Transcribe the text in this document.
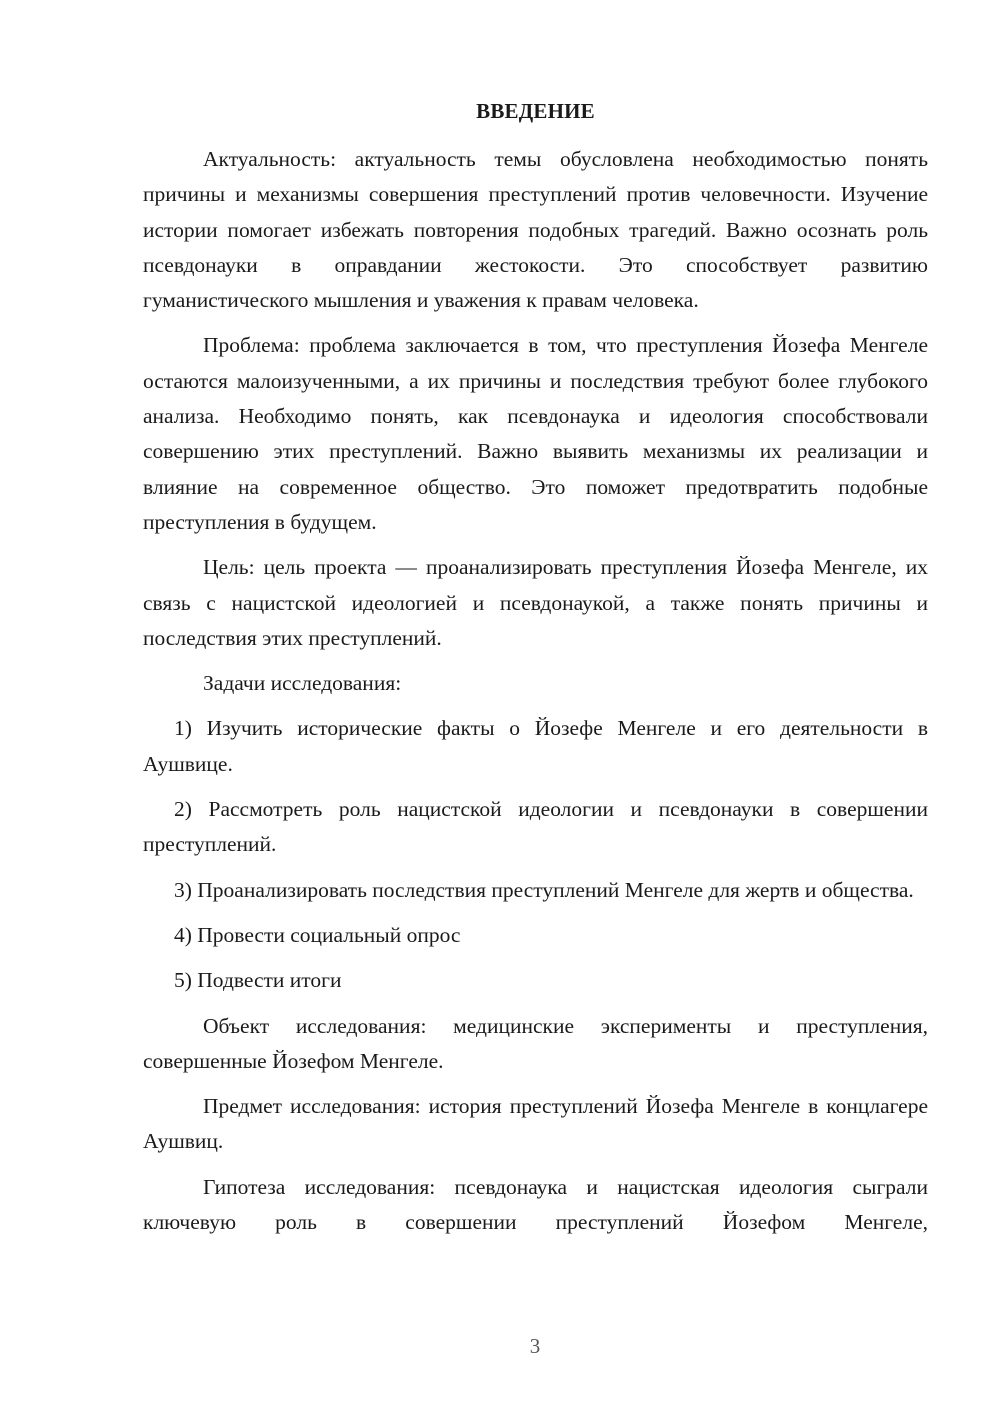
ВВЕДЕНИЕ

Актуальность: актуальность темы обусловлена необходимостью понять причины и механизмы совершения преступлений против человечности. Изучение истории помогает избежать повторения подобных трагедий. Важно осознать роль псевдонауки в оправдании жестокости. Это способствует развитию гуманистического мышления и уважения к правам человека.

Проблема: проблема заключается в том, что преступления Йозефа Менгеле остаются малоизученными, а их причины и последствия требуют более глубокого анализа. Необходимо понять, как псевдонаука и идеология способствовали совершению этих преступлений. Важно выявить механизмы их реализации и влияние на современное общество. Это поможет предотвратить подобные преступления в будущем.

Цель: цель проекта — проанализировать преступления Йозефа Менгеле, их связь с нацистской идеологией и псевдонаукой, а также понять причины и последствия этих преступлений.

Задачи исследования:

1) Изучить исторические факты о Йозефе Менгеле и его деятельности в Аушвице.

2) Рассмотреть роль нацистской идеологии и псевдонауки в совершении преступлений.

3) Проанализировать последствия преступлений Менгеле для жертв и общества.

4) Провести социальный опрос

5) Подвести итоги

Объект исследования: медицинские эксперименты и преступления, совершенные Йозефом Менгеле.

Предмет исследования: история преступлений Йозефа Менгеле в концлагере Аушвиц.

Гипотеза исследования: псевдонаука и нацистская идеология сыграли ключевую роль в совершении преступлений Йозефом Менгеле,

3
